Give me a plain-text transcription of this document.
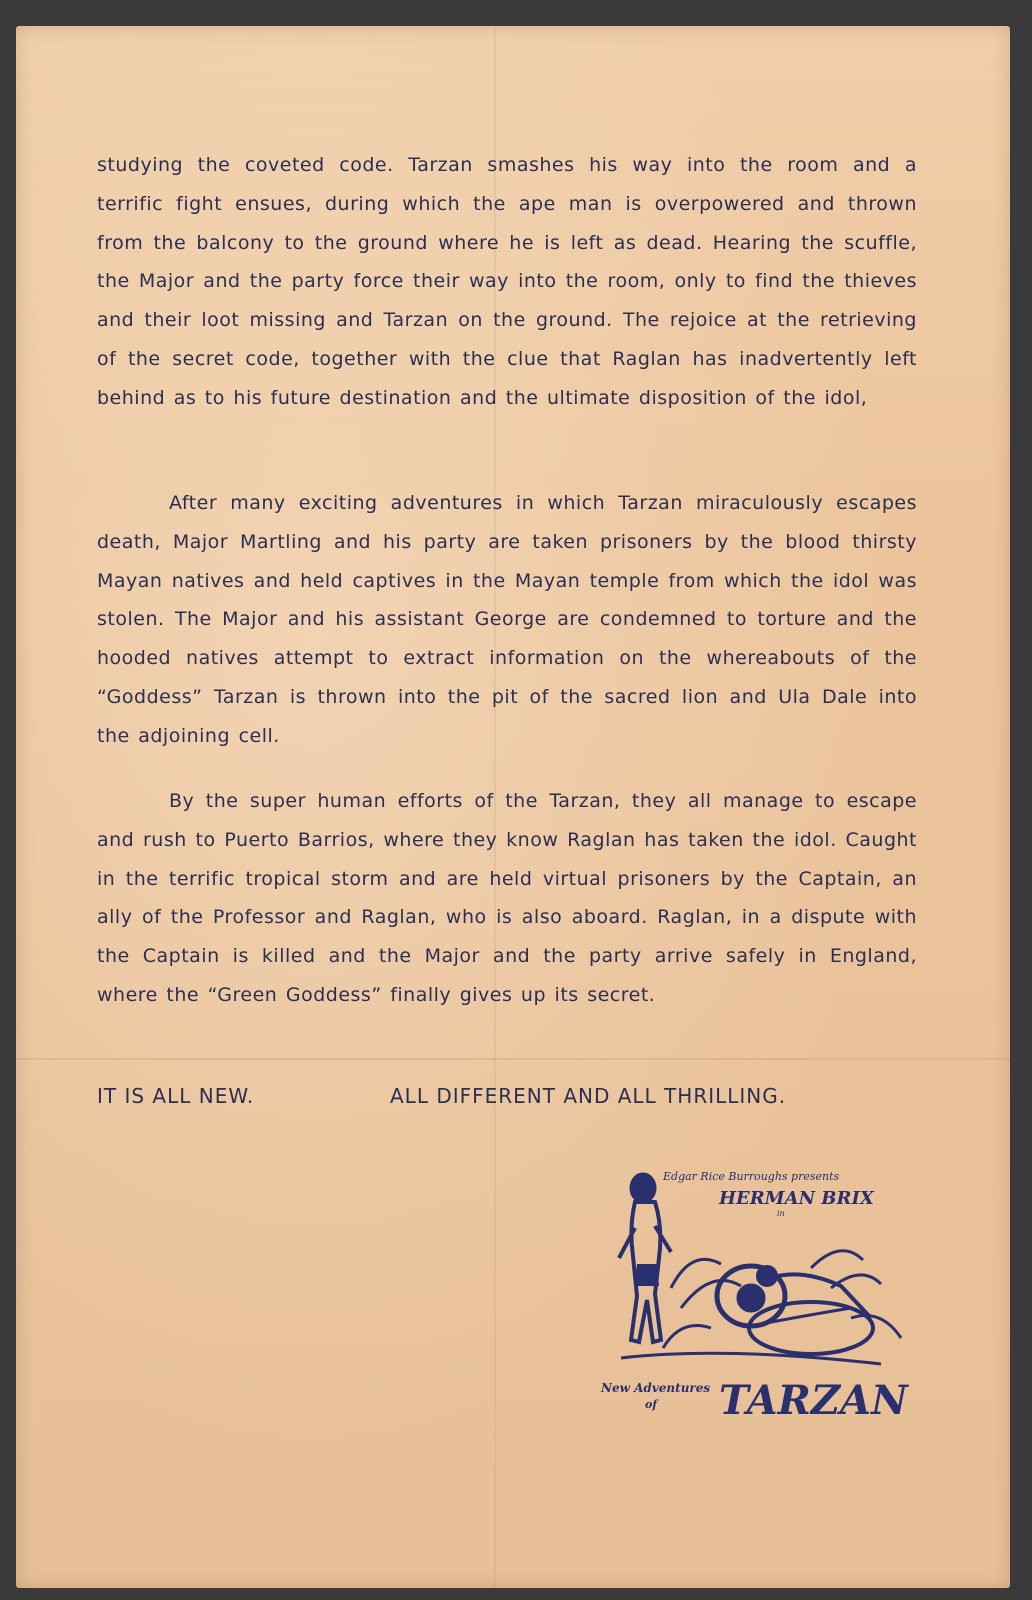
studying the coveted code. Tarzan smashes his way into the room and a terrific fight ensues, during which the ape man is overpowered and thrown from the balcony to the ground where he is left as dead. Hearing the scuffle, the Major and the party force their way into the room, only to find the thieves and their loot missing and Tarzan on the ground. The rejoice at the retrieving of the secret code, together with the clue that Raglan has inadvertently left behind as to his future destination and the ultimate disposition of the idol,

After many exciting adventures in which Tarzan miraculously escapes death, Major Martling and his party are taken prisoners by the blood thirsty Mayan natives and held captives in the Mayan temple from which the idol was stolen. The Major and his assistant George are condemned to torture and the hooded natives attempt to extract information on the whereabouts of the “Goddess” Tarzan is thrown into the pit of the sacred lion and Ula Dale into the adjoining cell.

By the super human efforts of the Tarzan, they all manage to escape and rush to Puerto Barrios, where they know Raglan has taken the idol. Caught in the terrific tropical storm and are held virtual prisoners by the Captain, an ally of the Professor and Raglan, who is also aboard. Raglan, in a dispute with the Captain is killed and the Major and the party arrive safely in England, where the “Green Goddess” finally gives up its secret.

IT IS ALL NEW.	ALL DIFFERENT AND ALL THRILLING.

Edgar Rice Burroughs presents
HERMAN BRIX
in
New Adventures
of TARZAN
